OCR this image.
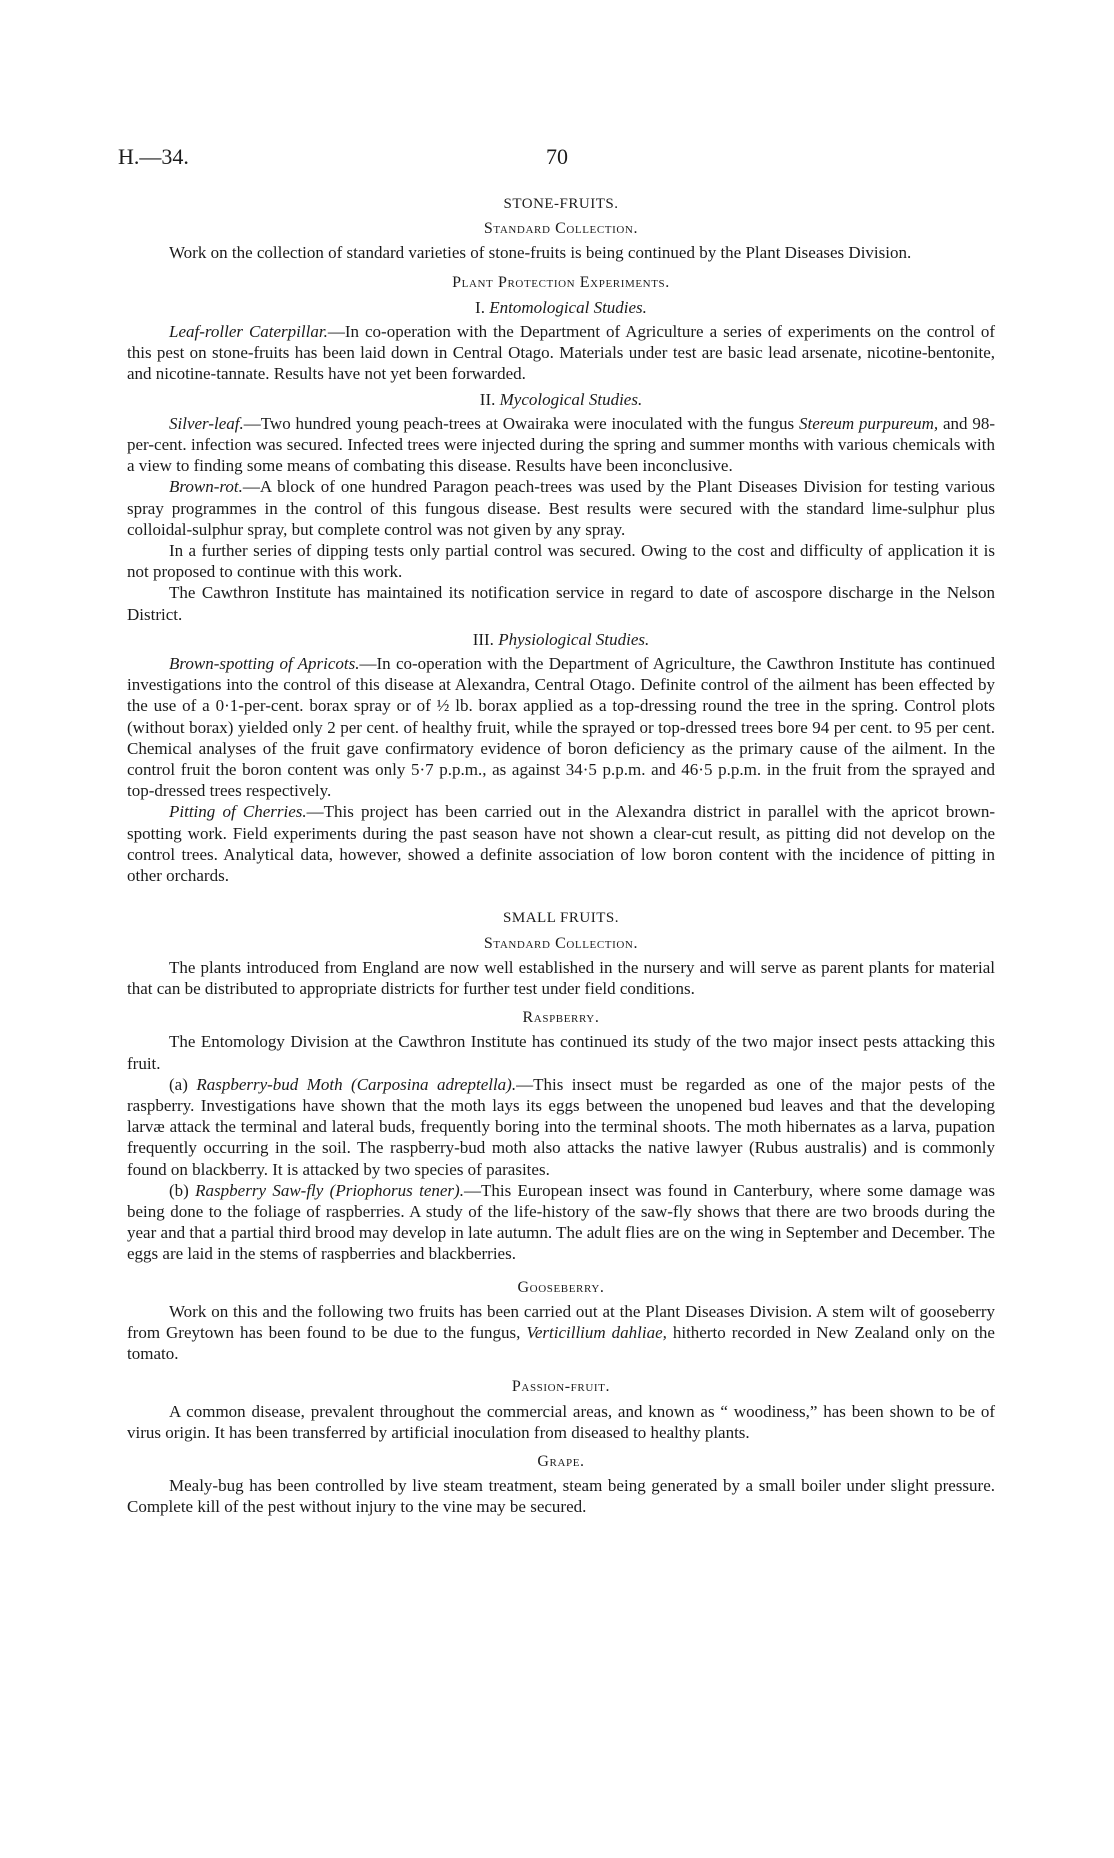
H.—34.	70
STONE-FRUITS.
Standard Collection.

Work on the collection of standard varieties of stone-fruits is being continued by the Plant Diseases Division.

Plant Protection Experiments.
I. Entomological Studies.

Leaf-roller Caterpillar.—In co-operation with the Department of Agriculture a series of experiments on the control of this pest on stone-fruits has been laid down in Central Otago. Materials under test are basic lead arsenate, nicotine-bentonite, and nicotine-tannate. Results have not yet been forwarded.

II. Mycological Studies.

Silver-leaf.—Two hundred young peach-trees at Owairaka were inoculated with the fungus Stereum purpureum, and 98-per-cent. infection was secured. Infected trees were injected during the spring and summer months with various chemicals with a view to finding some means of combating this disease. Results have been inconclusive.

Brown-rot.—A block of one hundred Paragon peach-trees was used by the Plant Diseases Division for testing various spray programmes in the control of this fungous disease. Best results were secured with the standard lime-sulphur plus colloidal-sulphur spray, but complete control was not given by any spray.

In a further series of dipping tests only partial control was secured. Owing to the cost and difficulty of application it is not proposed to continue with this work.

The Cawthron Institute has maintained its notification service in regard to date of ascospore discharge in the Nelson District.

III. Physiological Studies.

Brown-spotting of Apricots.—In co-operation with the Department of Agriculture, the Cawthron Institute has continued investigations into the control of this disease at Alexandra, Central Otago. Definite control of the ailment has been effected by the use of a 0·1-per-cent. borax spray or of ½ lb. borax applied as a top-dressing round the tree in the spring. Control plots (without borax) yielded only 2 per cent. of healthy fruit, while the sprayed or top-dressed trees bore 94 per cent. to 95 per cent. Chemical analyses of the fruit gave confirmatory evidence of boron deficiency as the primary cause of the ailment. In the control fruit the boron content was only 5·7 p.p.m., as against 34·5 p.p.m. and 46·5 p.p.m. in the fruit from the sprayed and top-dressed trees respectively.

Pitting of Cherries.—This project has been carried out in the Alexandra district in parallel with the apricot brown-spotting work. Field experiments during the past season have not shown a clear-cut result, as pitting did not develop on the control trees. Analytical data, however, showed a definite association of low boron content with the incidence of pitting in other orchards.

SMALL FRUITS.
Standard Collection.

The plants introduced from England are now well established in the nursery and will serve as parent plants for material that can be distributed to appropriate districts for further test under field conditions.

Raspberry.

The Entomology Division at the Cawthron Institute has continued its study of the two major insect pests attacking this fruit.

(a) Raspberry-bud Moth (Carposina adreptella).—This insect must be regarded as one of the major pests of the raspberry. Investigations have shown that the moth lays its eggs between the unopened bud leaves and that the developing larvæ attack the terminal and lateral buds, frequently boring into the terminal shoots. The moth hibernates as a larva, pupation frequently occurring in the soil. The raspberry-bud moth also attacks the native lawyer (Rubus australis) and is commonly found on blackberry. It is attacked by two species of parasites.

(b) Raspberry Saw-fly (Priophorus tener).—This European insect was found in Canterbury, where some damage was being done to the foliage of raspberries. A study of the life-history of the saw-fly shows that there are two broods during the year and that a partial third brood may develop in late autumn. The adult flies are on the wing in September and December. The eggs are laid in the stems of raspberries and blackberries.

Gooseberry.

Work on this and the following two fruits has been carried out at the Plant Diseases Division. A stem wilt of gooseberry from Greytown has been found to be due to the fungus, Verticillium dahliae, hitherto recorded in New Zealand only on the tomato.

Passion-fruit.

A common disease, prevalent throughout the commercial areas, and known as “ woodiness,” has been shown to be of virus origin. It has been transferred by artificial inoculation from diseased to healthy plants.

Grape.

Mealy-bug has been controlled by live steam treatment, steam being generated by a small boiler under slight pressure. Complete kill of the pest without injury to the vine may be secured.
